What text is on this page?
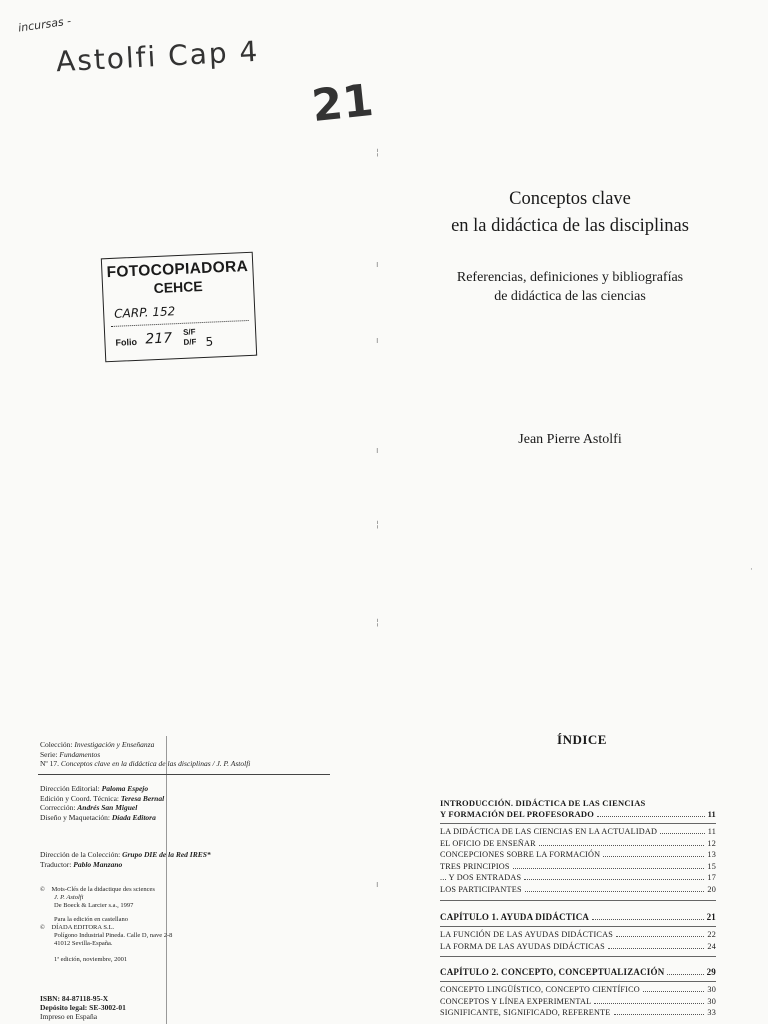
incursas -
Astolfi Cap 4
21
FOTOCOPIADORA
CEHCE
CARP. 152
Folio 217 S/F
D/F 5
¦
ı
ı
ı
¦
¦
ı
·
Conceptos clave
en la didáctica de las disciplinas
Referencias, definiciones y bibliografías
de didáctica de las ciencias
Jean Pierre Astolfi
Colección: Investigación y Enseñanza
Serie: Fundamentos
Nº 17. Conceptos clave en la didáctica de las disciplinas / J. P. Astolfi
Dirección Editorial: Paloma Espejo
Edición y Coord. Técnica: Teresa Bernal
Corrección: Andrés San Miguel
Diseño y Maquetación: Díada Editora
Dirección de la Colección: Grupo DIE de la Red IRES*
Traductor: Pablo Manzano
©    Mots-Clés de la didactique des sciences
J. P. Astolfi
De Boeck & Larcier s.a., 1997
Para la edición en castellano
©    DÍADA EDITORA S.L.
Polígono Industrial Pineda. Calle D, nave 2-8
41012 Sevilla-España.
1ª edición, noviembre, 2001
ISBN: 84-87118-95-X
Depósito legal: SE-3002-01
Impreso en España
ÍNDICE
INTRODUCCIÓN. DIDÁCTICA DE LAS CIENCIAS
Y FORMACIÓN DEL PROFESORADO	11
LA DIDÁCTICA DE LAS CIENCIAS EN LA ACTUALIDAD	11
EL OFICIO DE ENSEÑAR	12
CONCEPCIONES SOBRE LA FORMACIÓN	13
TRES PRINCIPIOS	15
... Y DOS ENTRADAS	17
LOS PARTICIPANTES	20
CAPÍTULO 1. AYUDA DIDÁCTICA	21
LA FUNCIÓN DE LAS AYUDAS DIDÁCTICAS	22
LA FORMA DE LAS AYUDAS DIDÁCTICAS	24
CAPÍTULO 2. CONCEPTO, CONCEPTUALIZACIÓN	29
CONCEPTO LINGÜÍSTICO, CONCEPTO CIENTÍFICO	30
CONCEPTOS Y LÍNEA EXPERIMENTAL	30
SIGNIFICANTE, SIGNIFICADO, REFERENTE	33
